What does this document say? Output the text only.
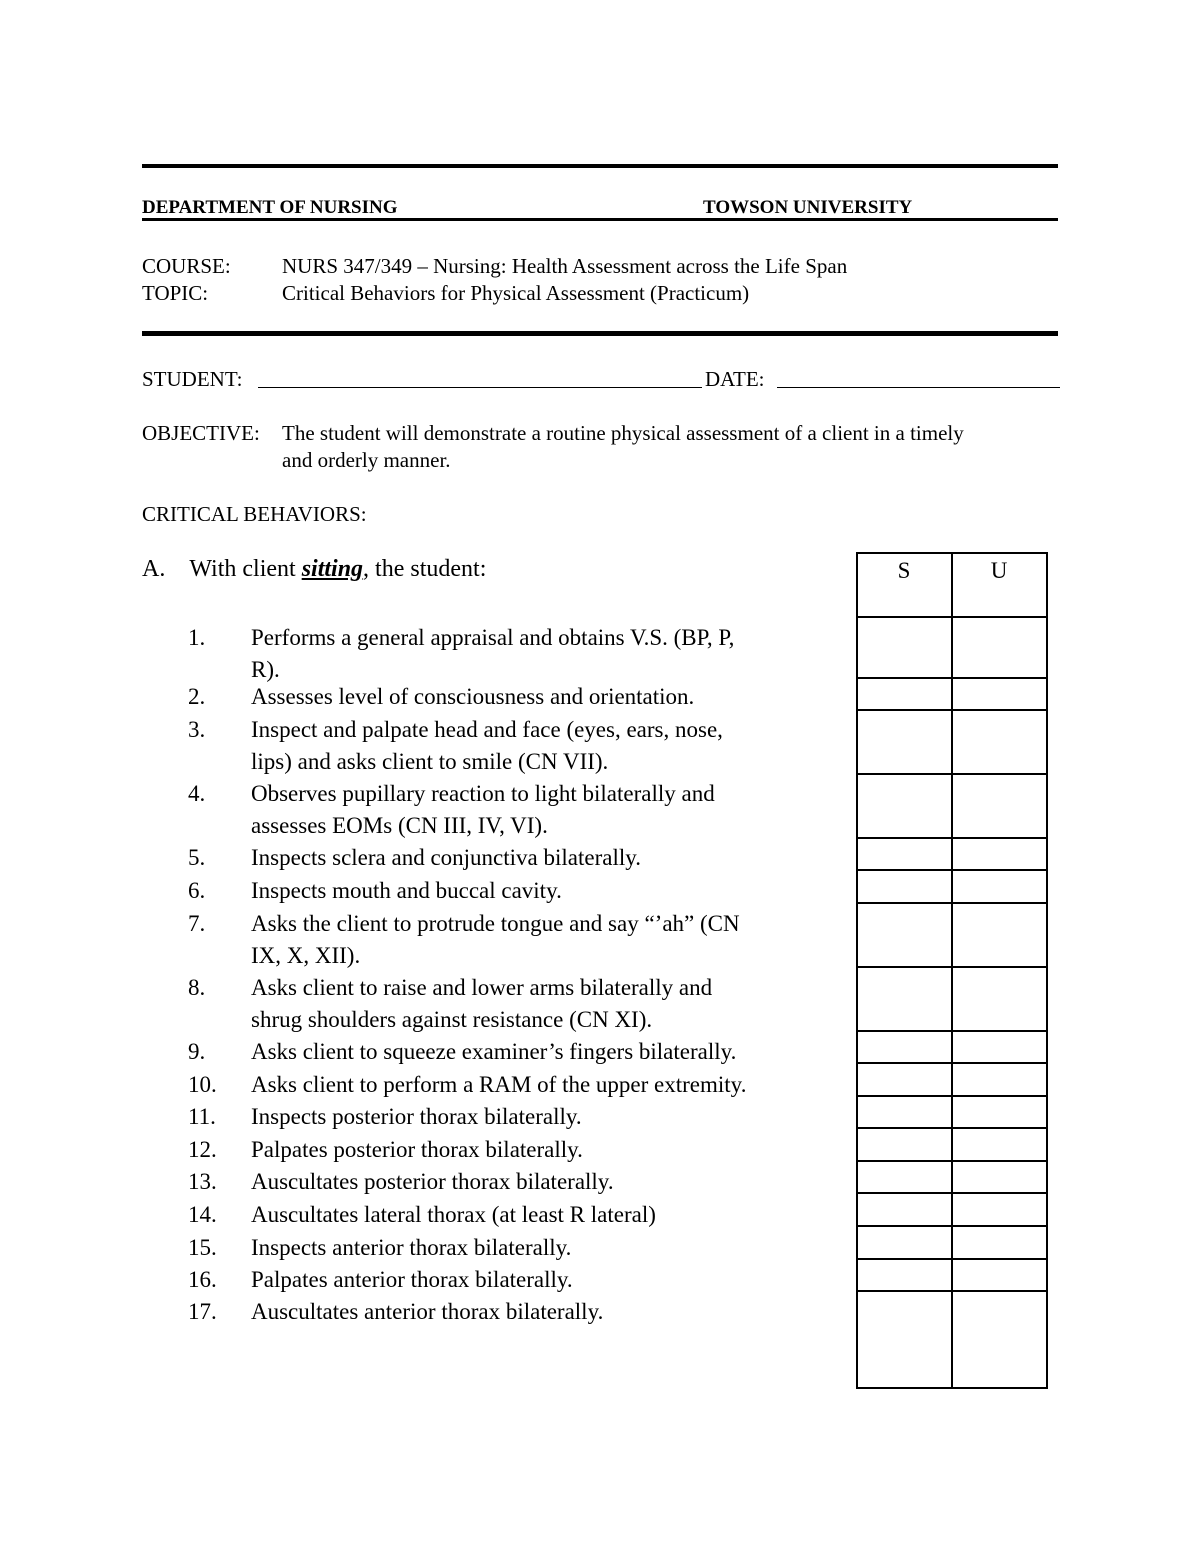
DEPARTMENT OF NURSING	TOWSON UNIVERSITY
COURSE: NURS 347/349 – Nursing: Health Assessment across the Life Span
TOPIC:	Critical Behaviors for Physical Assessment (Practicum)
STUDENT:	DATE:
OBJECTIVE: The student will demonstrate a routine physical assessment of a client in a timely
and orderly manner.
CRITICAL BEHAVIORS:
A. With client sitting, the student:
1. Performs a general appraisal and obtains V.S. (BP, P,
R).
2. Assesses level of consciousness and orientation.
3. Inspect and palpate head and face (eyes, ears, nose,
lips) and asks client to smile (CN VII).
4. Observes pupillary reaction to light bilaterally and
assesses EOMs (CN III, IV, VI).
5. Inspects sclera and conjunctiva bilaterally.
6. Inspects mouth and buccal cavity.
7. Asks the client to protrude tongue and say “’ah” (CN
IX, X, XII).
8. Asks client to raise and lower arms bilaterally and
shrug shoulders against resistance (CN XI).
9. Asks client to squeeze examiner’s fingers bilaterally.
10. Asks client to perform a RAM of the upper extremity.
11. Inspects posterior thorax bilaterally.
12. Palpates posterior thorax bilaterally.
13. Auscultates posterior thorax bilaterally.
14. Auscultates lateral thorax (at least R lateral)
15. Inspects anterior thorax bilaterally.
16. Palpates anterior thorax bilaterally.
17. Auscultates anterior thorax bilaterally.
S	U
